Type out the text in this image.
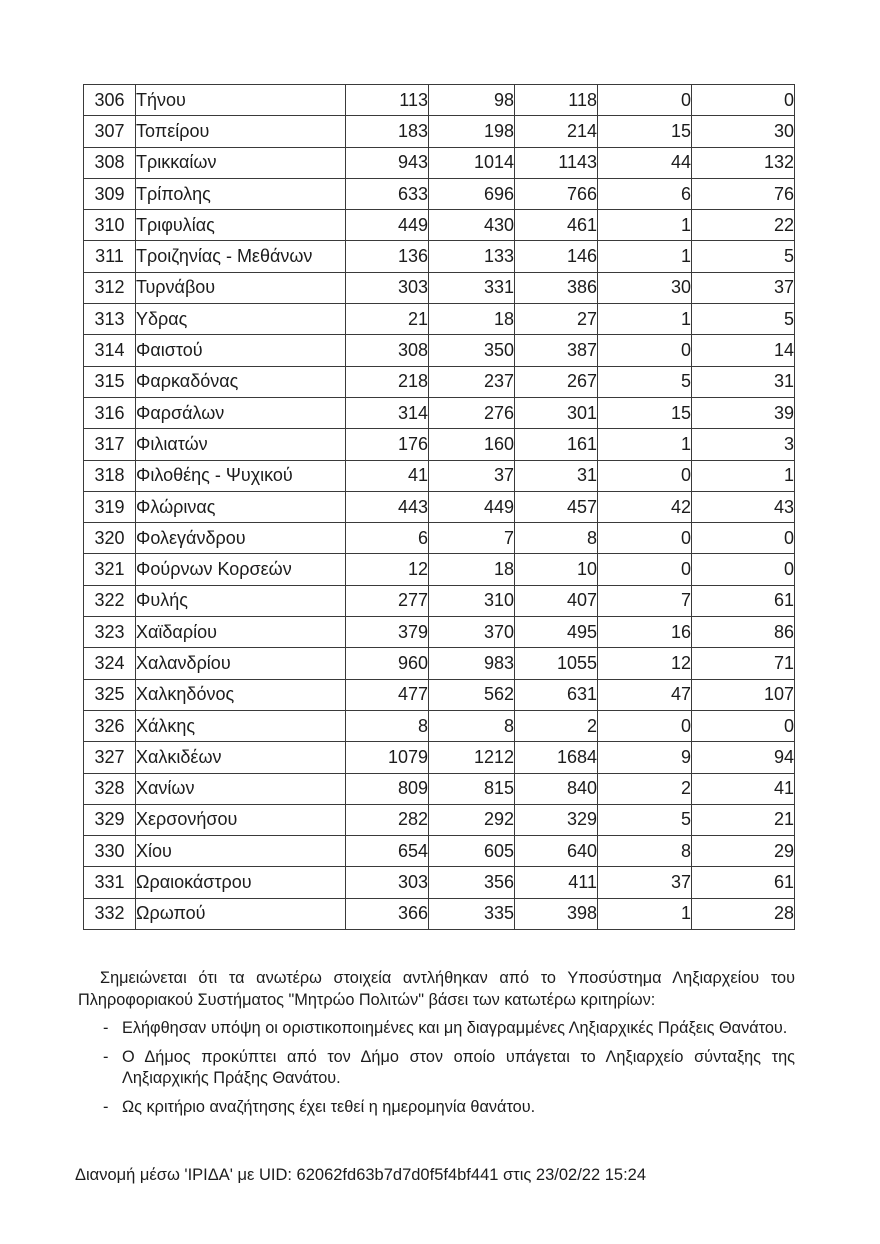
306	Τήνου	113	98	118	0	0
307	Τοπείρου	183	198	214	15	30
308	Τρικκαίων	943	1014	1143	44	132
309	Τρίπολης	633	696	766	6	76
310	Τριφυλίας	449	430	461	1	22
311	Τροιζηνίας - Μεθάνων	136	133	146	1	5
312	Τυρνάβου	303	331	386	30	37
313	Υδρας	21	18	27	1	5
314	Φαιστού	308	350	387	0	14
315	Φαρκαδόνας	218	237	267	5	31
316	Φαρσάλων	314	276	301	15	39
317	Φιλιατών	176	160	161	1	3
318	Φιλοθέης - Ψυχικού	41	37	31	0	1
319	Φλώρινας	443	449	457	42	43
320	Φολεγάνδρου	6	7	8	0	0
321	Φούρνων Κορσεών	12	18	10	0	0
322	Φυλής	277	310	407	7	61
323	Χαϊδαρίου	379	370	495	16	86
324	Χαλανδρίου	960	983	1055	12	71
325	Χαλκηδόνος	477	562	631	47	107
326	Χάλκης	8	8	2	0	0
327	Χαλκιδέων	1079	1212	1684	9	94
328	Χανίων	809	815	840	2	41
329	Χερσονήσου	282	292	329	5	21
330	Χίου	654	605	640	8	29
331	Ωραιοκάστρου	303	356	411	37	61
332	Ωρωπού	366	335	398	1	28

Σημειώνεται ότι τα ανωτέρω στοιχεία αντλήθηκαν από το Υποσύστημα Ληξιαρχείου του Πληροφοριακού Συστήματος "Μητρώο Πολιτών" βάσει των κατωτέρω κριτηρίων:

- Ελήφθησαν υπόψη οι οριστικοποιημένες και μη διαγραμμένες Ληξιαρχικές Πράξεις Θανάτου.
- Ο Δήμος προκύπτει από τον Δήμο στον οποίο υπάγεται το Ληξιαρχείο σύνταξης της Ληξιαρχικής Πράξης Θανάτου.
- Ως κριτήριο αναζήτησης έχει τεθεί η ημερομηνία θανάτου.
Διανομή μέσω 'ΙΡΙΔΑ' με UID: 62062fd63b7d7d0f5f4bf441 στις 23/02/22 15:24
